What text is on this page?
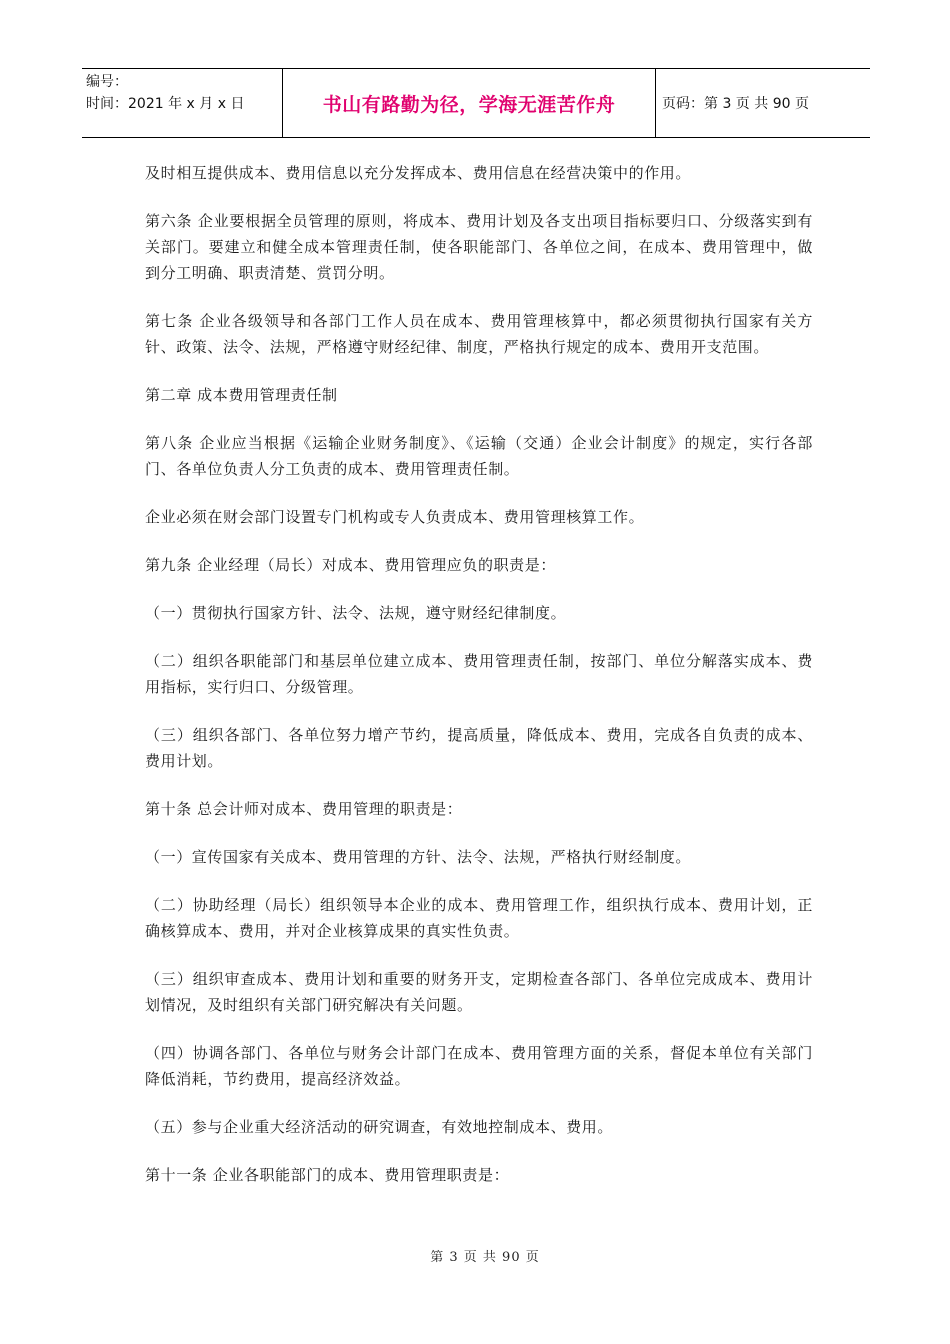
编号：
时间：2021 年 x 月 x 日	书山有路勤为径，学海无涯苦作舟	页码：第 3 页 共 90 页

及时相互提供成本、费用信息以充分发挥成本、费用信息在经营决策中的作用。

第六条 企业要根据全员管理的原则，将成本、费用计划及各支出项目指标要归口、分级落实到有关部门。要建立和健全成本管理责任制，使各职能部门、各单位之间，在成本、费用管理中，做到分工明确、职责清楚、赏罚分明。

第七条 企业各级领导和各部门工作人员在成本、费用管理核算中，都必须贯彻执行国家有关方针、政策、法令、法规，严格遵守财经纪律、制度，严格执行规定的成本、费用开支范围。

第二章 成本费用管理责任制

第八条 企业应当根据《运输企业财务制度》、《运输（交通）企业会计制度》的规定，实行各部门、各单位负责人分工负责的成本、费用管理责任制。

企业必须在财会部门设置专门机构或专人负责成本、费用管理核算工作。

第九条 企业经理（局长）对成本、费用管理应负的职责是：

（一）贯彻执行国家方针、法令、法规，遵守财经纪律制度。

（二）组织各职能部门和基层单位建立成本、费用管理责任制，按部门、单位分解落实成本、费用指标，实行归口、分级管理。

（三）组织各部门、各单位努力增产节约，提高质量，降低成本、费用，完成各自负责的成本、费用计划。

第十条 总会计师对成本、费用管理的职责是：

（一）宣传国家有关成本、费用管理的方针、法令、法规，严格执行财经制度。

（二）协助经理（局长）组织领导本企业的成本、费用管理工作，组织执行成本、费用计划，正确核算成本、费用，并对企业核算成果的真实性负责。

（三）组织审查成本、费用计划和重要的财务开支，定期检查各部门、各单位完成成本、费用计划情况，及时组织有关部门研究解决有关问题。

（四）协调各部门、各单位与财务会计部门在成本、费用管理方面的关系，督促本单位有关部门降低消耗，节约费用，提高经济效益。

（五）参与企业重大经济活动的研究调查，有效地控制成本、费用。

第十一条 企业各职能部门的成本、费用管理职责是：

第 3 页 共 90 页
